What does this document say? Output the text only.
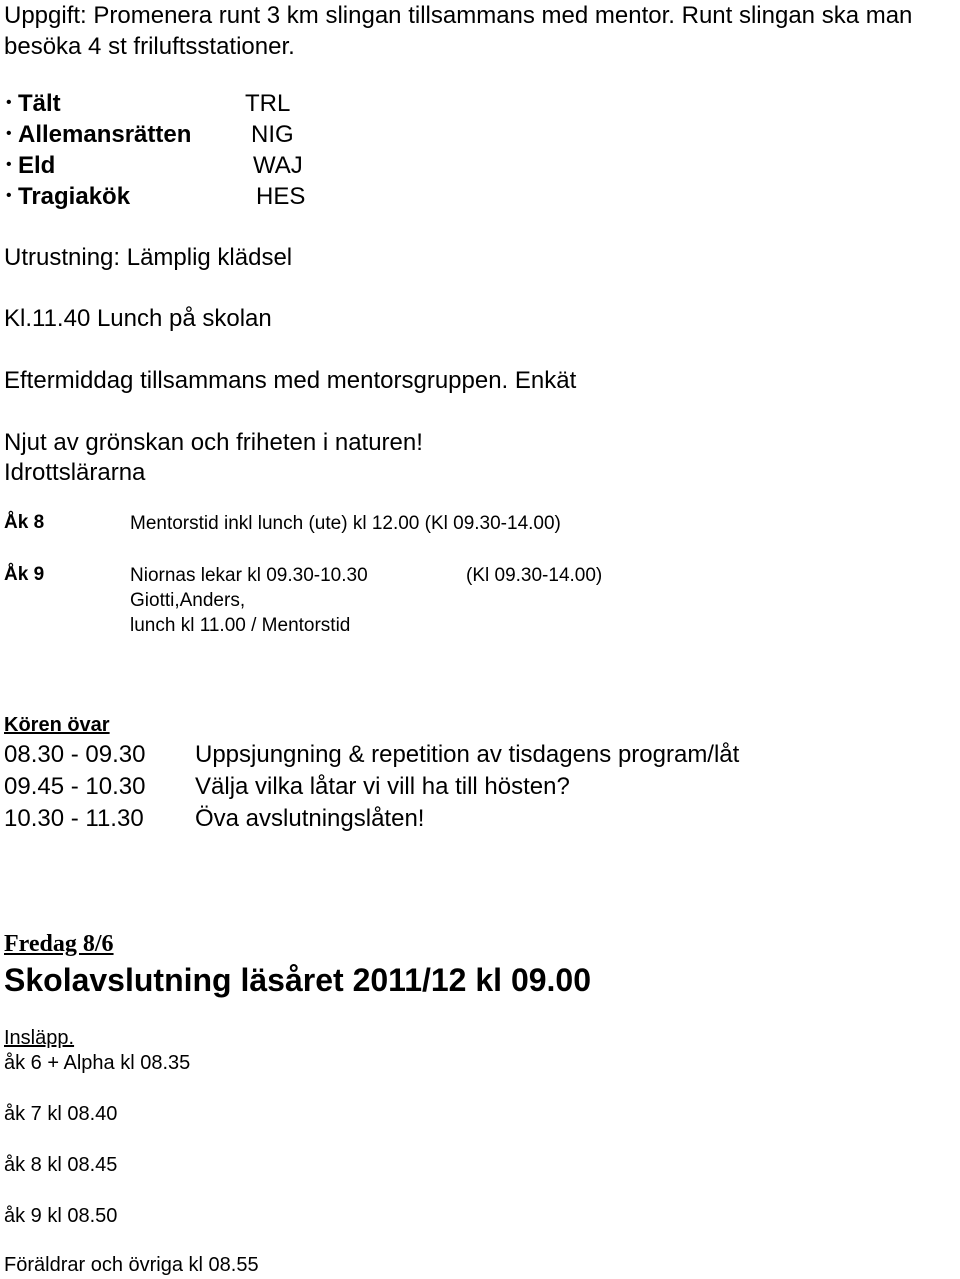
Uppgift: Promenera runt 3 km slingan tillsammans med mentor. Runt slingan ska man besöka 4 st friluftsstationer.
• Tält	TRL
• Allemansrätten NIG
• Eld	WAJ
• Tragiakök	HES
Utrustning: Lämplig klädsel
Kl.11.40 Lunch på skolan
Eftermiddag tillsammans med mentorsgruppen. Enkät
Njut av grönskan och friheten i naturen!
Idrottslärarna
Åk 8	Mentorstid inkl lunch (ute) kl 12.00 (Kl 09.30-14.00)
Åk 9	Niornas lekar kl 09.30-10.30	(Kl 09.30-14.00)
Giotti,Anders,
lunch kl 11.00 / Mentorstid
Kören övar
08.30 - 09.30 Uppsjungning & repetition av tisdagens program/låt
09.45 - 10.30 Välja vilka låtar vi vill ha till hösten?
10.30 - 11.30 Öva avslutningslåten!
Fredag 8/6
Skolavslutning läsåret 2011/12 kl 09.00
Insläpp.
åk 6 + Alpha kl 08.35
åk 7 kl 08.40
åk 8 kl 08.45
åk 9 kl 08.50
Föräldrar och övriga kl 08.55
